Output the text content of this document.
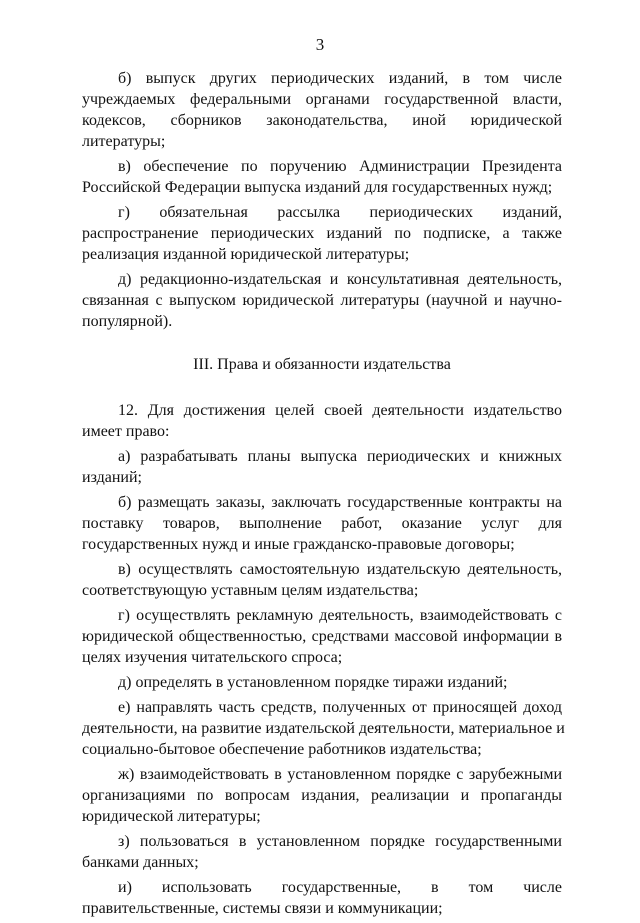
3
б) выпуск других периодических изданий, в том числе
учреждаемых федеральными органами государственной власти,
кодексов, сборников законодательства, иной юридической
литературы;
в) обеспечение по поручению Администрации Президента
Российской Федерации выпуска изданий для государственных нужд;
г) обязательная рассылка периодических изданий,
распространение периодических изданий по подписке, а также
реализация изданной юридической литературы;
д) редакционно-издательская и консультативная деятельность,
связанная с выпуском юридической литературы (научной и научно-
популярной).
III. Права и обязанности издательства
12. Для достижения целей своей деятельности издательство
имеет право:
а) разрабатывать планы выпуска периодических и книжных
изданий;
б) размещать заказы, заключать государственные контракты на
поставку товаров, выполнение работ, оказание услуг для
государственных нужд и иные гражданско-правовые договоры;
в) осуществлять самостоятельную издательскую деятельность,
соответствующую уставным целям издательства;
г) осуществлять рекламную деятельность, взаимодействовать с
юридической общественностью, средствами массовой информации в
целях изучения читательского спроса;
д) определять в установленном порядке тиражи изданий;
е) направлять часть средств, полученных от приносящей доход
деятельности, на развитие издательской деятельности, материальное и
социально-бытовое обеспечение работников издательства;
ж) взаимодействовать в установленном порядке с зарубежными
организациями по вопросам издания, реализации и пропаганды
юридической литературы;
з) пользоваться в установленном порядке государственными
банками данных;
и) использовать государственные, в том числе
правительственные, системы связи и коммуникации;
